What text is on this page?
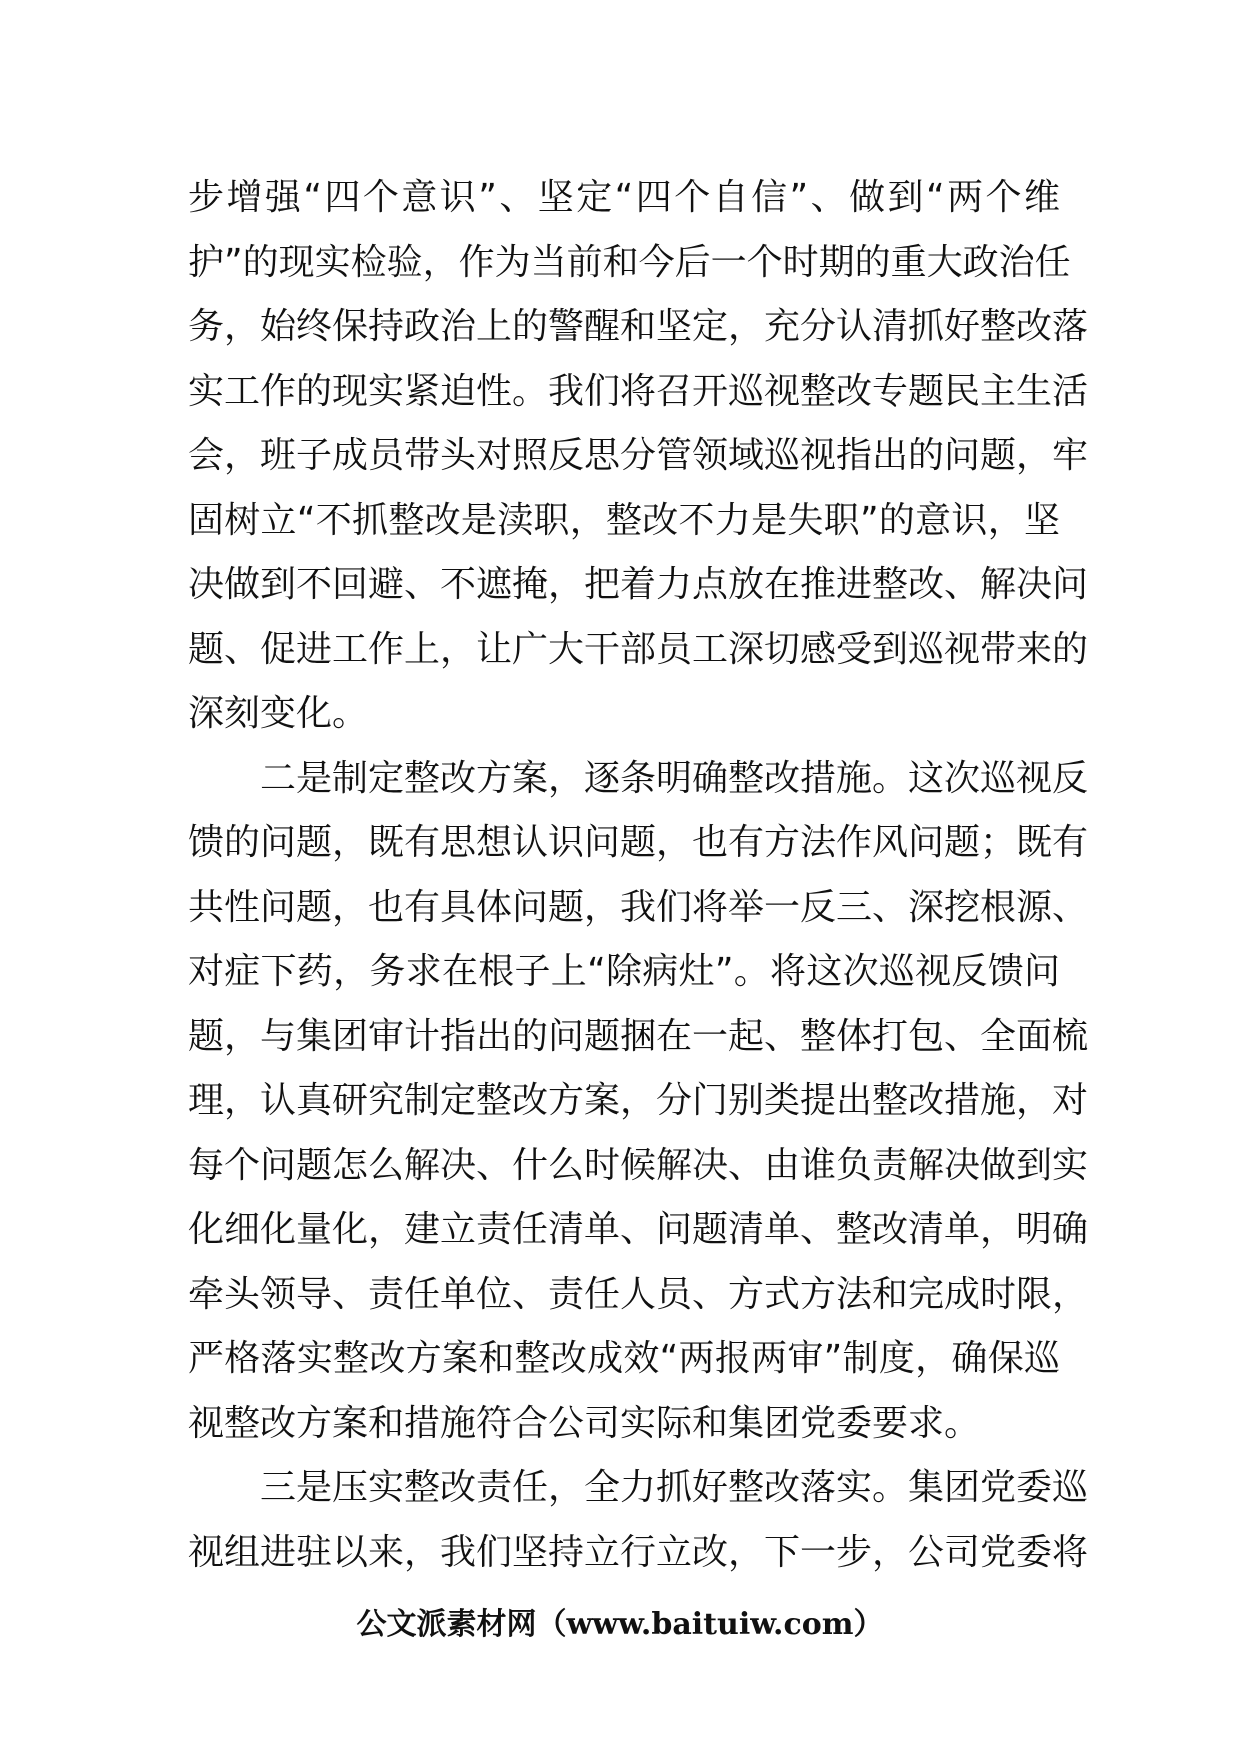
步增强“四个意识”、坚定“四个自信”、做到“两个维
护”的现实检验，作为当前和今后一个时期的重大政治任
务，始终保持政治上的警醒和坚定，充分认清抓好整改落
实工作的现实紧迫性。我们将召开巡视整改专题民主生活
会，班子成员带头对照反思分管领域巡视指出的问题，牢
固树立“不抓整改是渎职，整改不力是失职”的意识，坚
决做到不回避、不遮掩，把着力点放在推进整改、解决问
题、促进工作上，让广大干部员工深切感受到巡视带来的
深刻变化。
二是制定整改方案，逐条明确整改措施。这次巡视反
馈的问题，既有思想认识问题，也有方法作风问题；既有
共性问题，也有具体问题，我们将举一反三、深挖根源、
对症下药，务求在根子上“除病灶”。将这次巡视反馈问
题，与集团审计指出的问题捆在一起、整体打包、全面梳
理，认真研究制定整改方案，分门别类提出整改措施，对
每个问题怎么解决、什么时候解决、由谁负责解决做到实
化细化量化，建立责任清单、问题清单、整改清单，明确
牵头领导、责任单位、责任人员、方式方法和完成时限，
严格落实整改方案和整改成效“两报两审”制度，确保巡
视整改方案和措施符合公司实际和集团党委要求。
三是压实整改责任，全力抓好整改落实。集团党委巡
视组进驻以来，我们坚持立行立改，下一步，公司党委将
公文派素材网（www.baituiw.com）
